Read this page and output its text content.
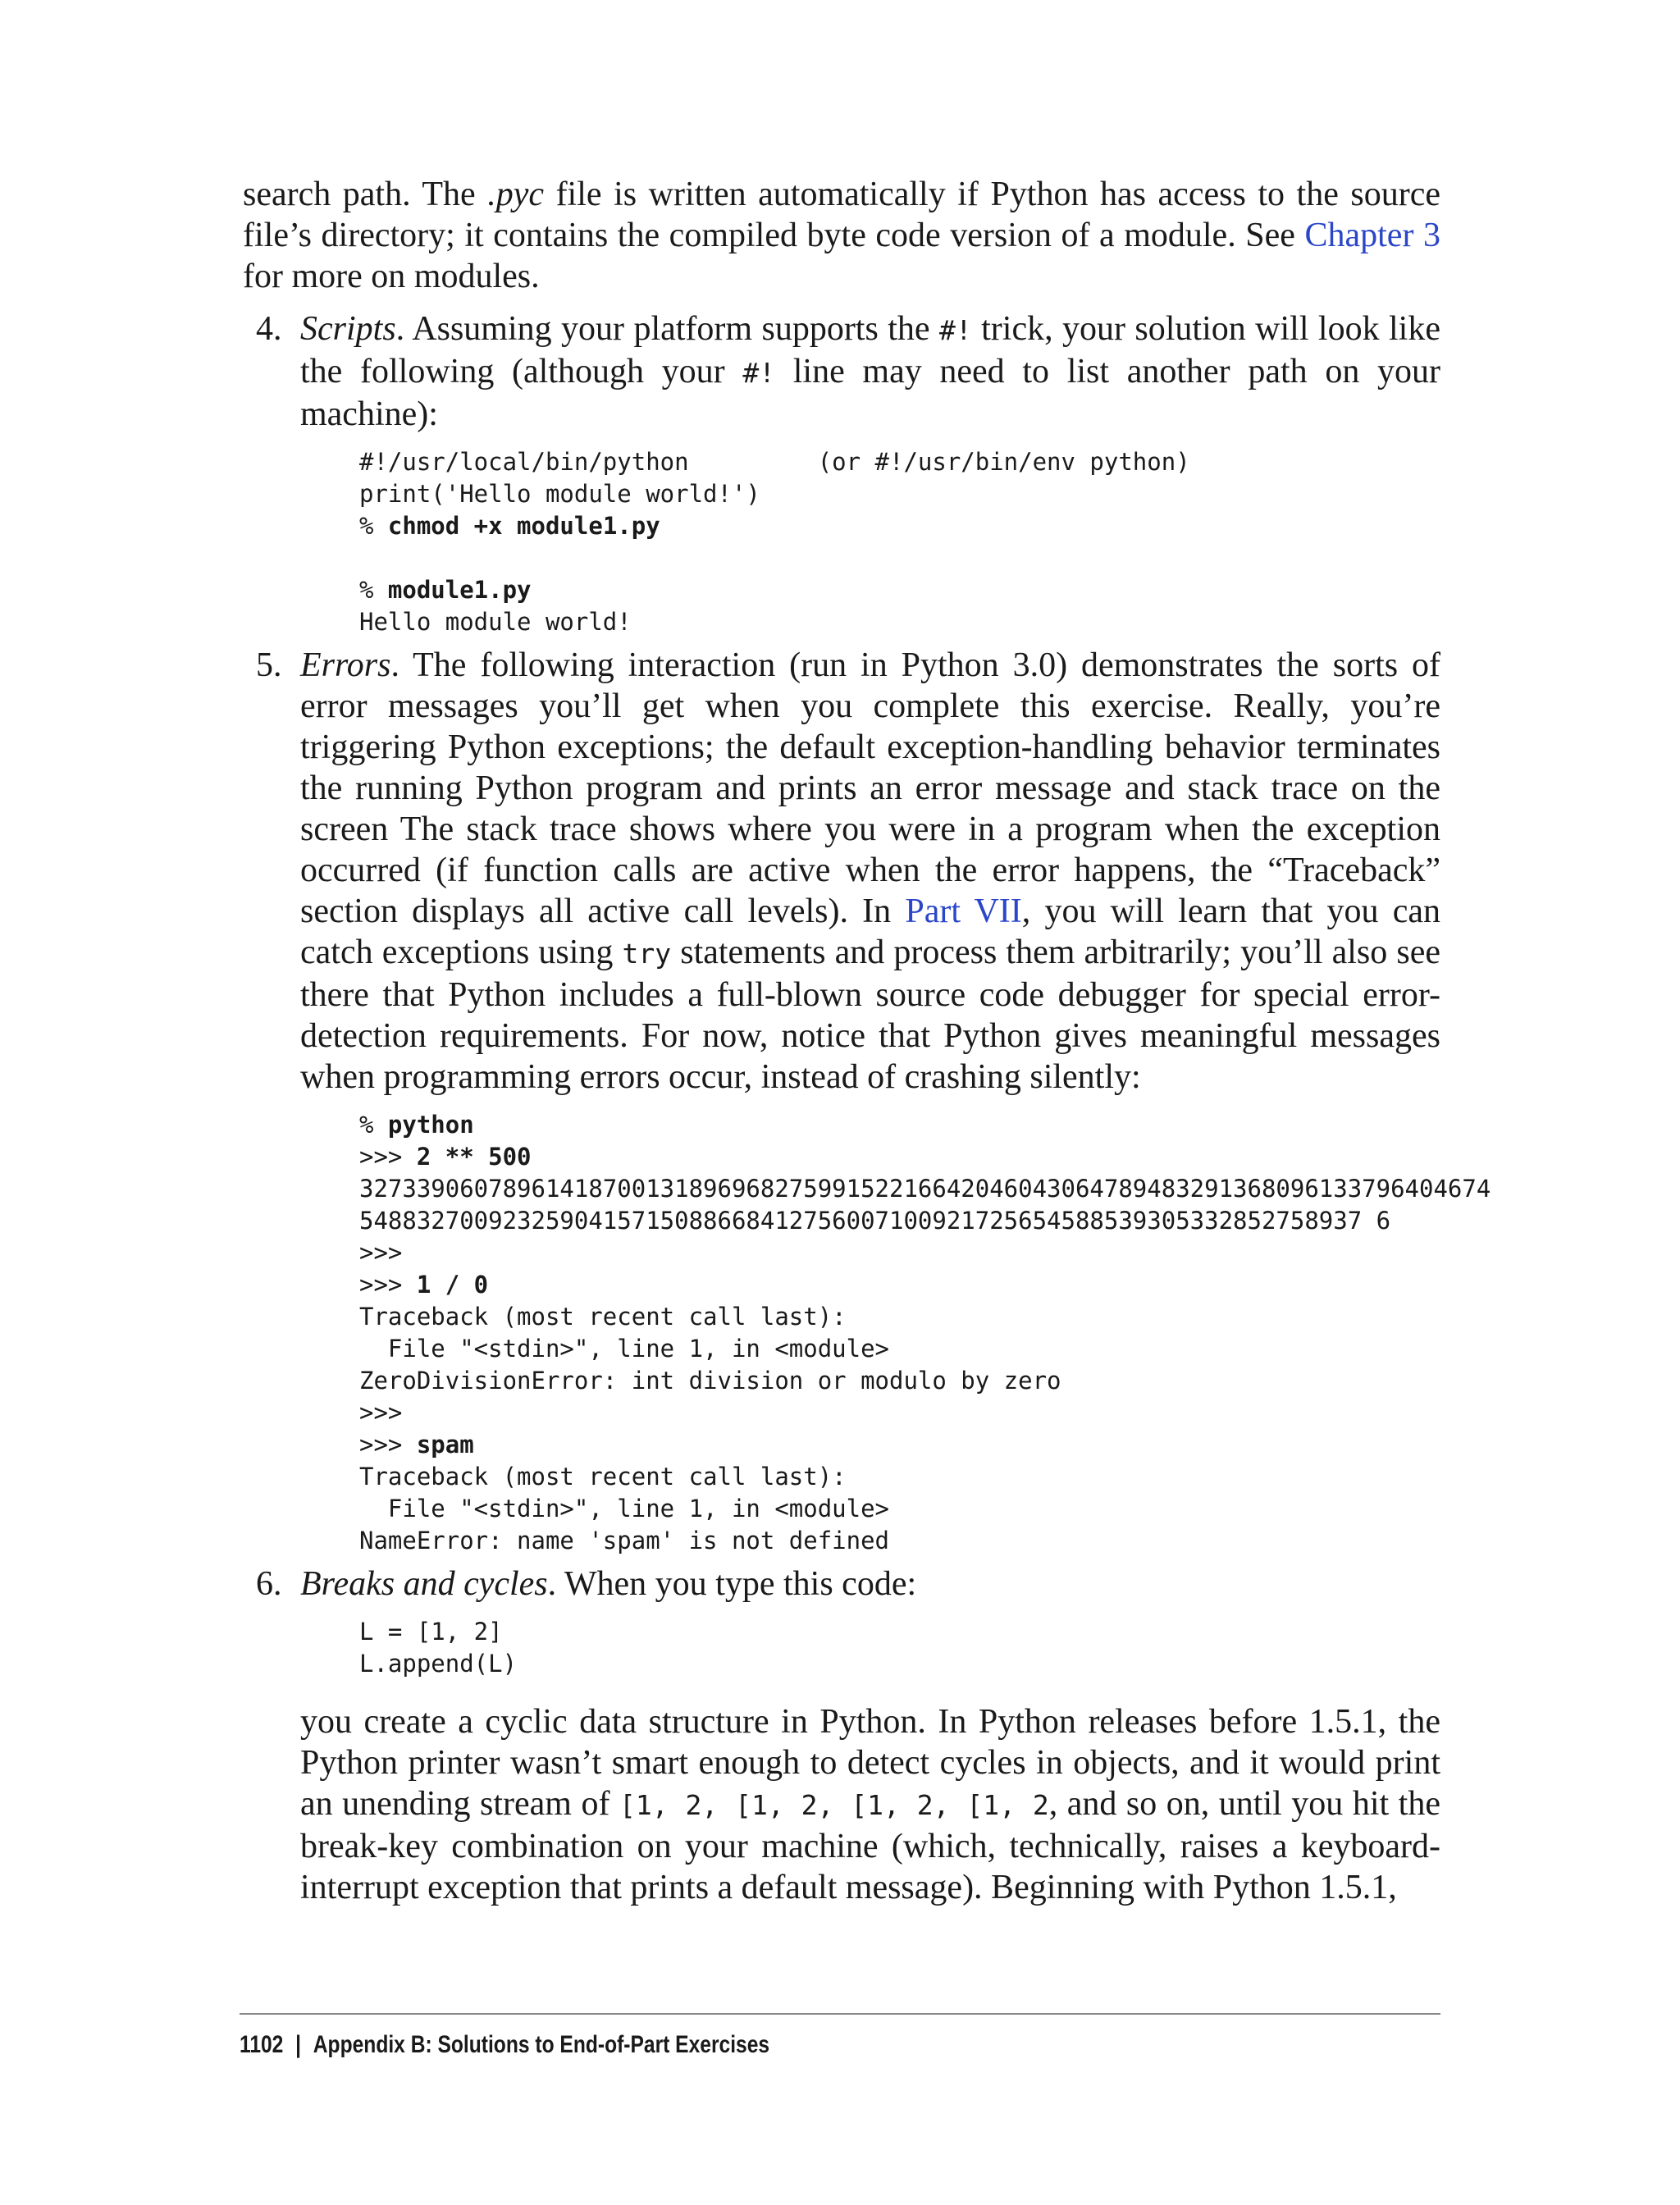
search path. The .pyc file is written automatically if Python has access to the source file’s directory; it contains the compiled byte code version of a module. See Chapter 3 for more on modules.

4. Scripts. Assuming your platform supports the #! trick, your solution will look like the following (although your #! line may need to list another path on your machine):

#!/usr/local/bin/python         (or #!/usr/bin/env python)
print('Hello module world!')
% chmod +x module1.py

% module1.py
Hello module world!
5. Errors. The following interaction (run in Python 3.0) demonstrates the sorts of error messages you’ll get when you complete this exercise. Really, you’re triggering Python exceptions; the default exception-handling behavior terminates the running Python program and prints an error message and stack trace on the screen The stack trace shows where you were in a program when the exception occurred (if function calls are active when the error happens, the “Traceback” section displays all active call levels). In Part VII, you will learn that you can catch exceptions using try statements and process them arbitrarily; you’ll also see there that Python includes a full-blown source code debugger for special error-detection requirements. For now, notice that Python gives meaningful messages when programming errors occur, instead of crashing silently:

% python
>>> 2 ** 500
3273390607896141870013189696827599152216642046043064789483291368096133796404674
5488327009232590415715088668412756007100921725654588539305332852758937 6
>>>
>>> 1 / 0
Traceback (most recent call last):
File "<stdin>", line 1, in <module>
ZeroDivisionError: int division or modulo by zero
>>>
>>> spam
Traceback (most recent call last):
File "<stdin>", line 1, in <module>
NameError: name 'spam' is not defined
6. Breaks and cycles. When you type this code:

L = [1, 2]
L.append(L)

you create a cyclic data structure in Python. In Python releases before 1.5.1, the Python printer wasn’t smart enough to detect cycles in objects, and it would print an unending stream of [1, 2, [1, 2, [1, 2, [1, 2, and so on, until you hit the break-key combination on your machine (which, technically, raises a keyboard-interrupt exception that prints a default message). Beginning with Python 1.5.1,

1102 | Appendix B: Solutions to End-of-Part Exercises
